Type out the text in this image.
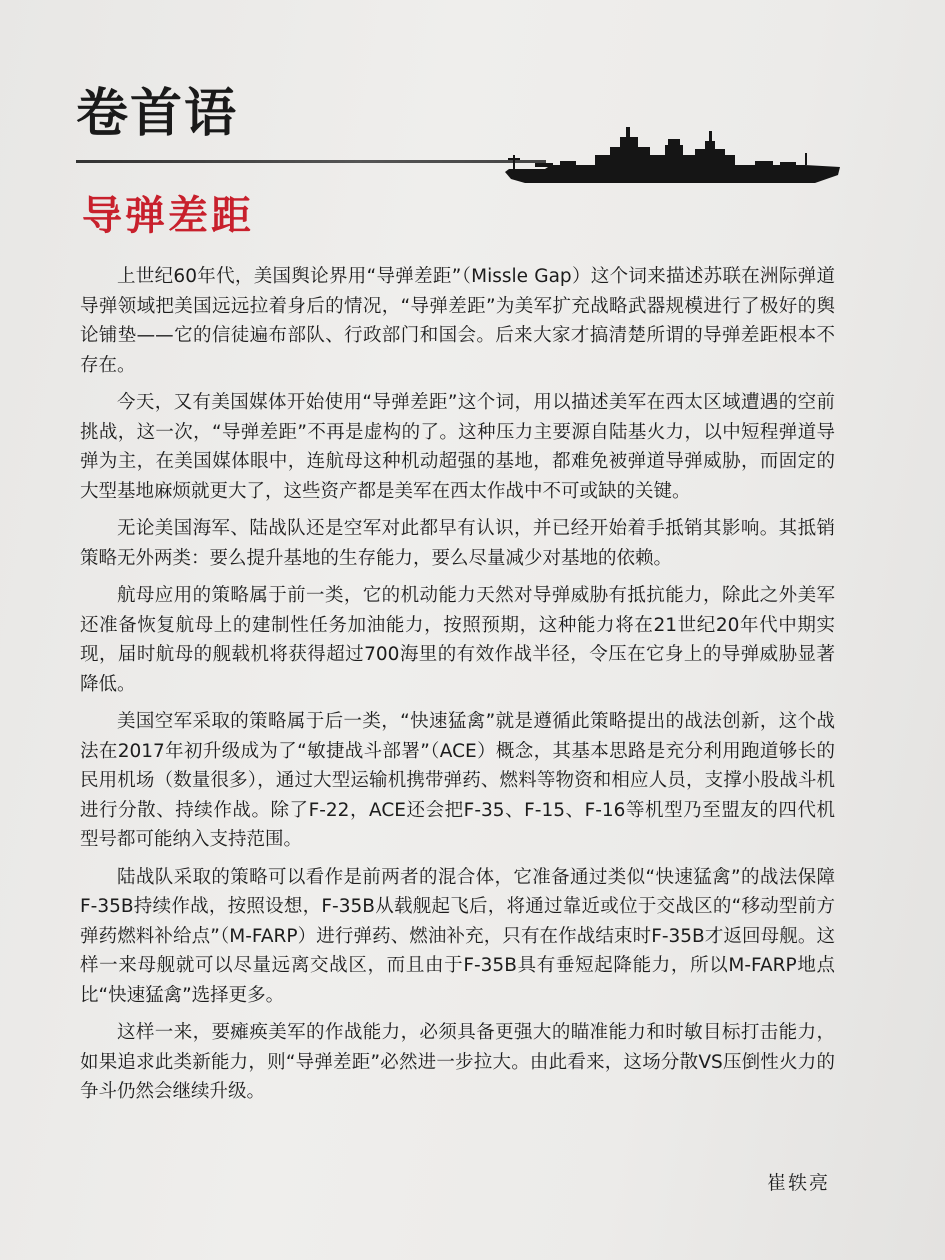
卷首语
导弹差距

上世纪60年代，美国舆论界用“导弹差距”（Missle Gap）这个词来描述苏联在洲际弹道导弹领域把美国远远拉着身后的情况，“导弹差距”为美军扩充战略武器规模进行了极好的舆论铺垫——它的信徒遍布部队、行政部门和国会。后来大家才搞清楚所谓的导弹差距根本不存在。

今天，又有美国媒体开始使用“导弹差距”这个词，用以描述美军在西太区域遭遇的空前挑战，这一次，“导弹差距”不再是虚构的了。这种压力主要源自陆基火力，以中短程弹道导弹为主，在美国媒体眼中，连航母这种机动超强的基地，都难免被弹道导弹威胁，而固定的大型基地麻烦就更大了，这些资产都是美军在西太作战中不可或缺的关键。

无论美国海军、陆战队还是空军对此都早有认识，并已经开始着手抵销其影响。其抵销策略无外两类：要么提升基地的生存能力，要么尽量减少对基地的依赖。

航母应用的策略属于前一类，它的机动能力天然对导弹威胁有抵抗能力，除此之外美军还准备恢复航母上的建制性任务加油能力，按照预期，这种能力将在21世纪20年代中期实现，届时航母的舰载机将获得超过700海里的有效作战半径，令压在它身上的导弹威胁显著降低。

美国空军采取的策略属于后一类，“快速猛禽”就是遵循此策略提出的战法创新，这个战法在2017年初升级成为了“敏捷战斗部署”（ACE）概念，其基本思路是充分利用跑道够长的民用机场（数量很多），通过大型运输机携带弹药、燃料等物资和相应人员，支撑小股战斗机进行分散、持续作战。除了F-22，ACE还会把F-35、F-15、F-16等机型乃至盟友的四代机型号都可能纳入支持范围。

陆战队采取的策略可以看作是前两者的混合体，它准备通过类似“快速猛禽”的战法保障F-35B持续作战，按照设想，F-35B从载舰起飞后，将通过靠近或位于交战区的“移动型前方弹药燃料补给点”（M-FARP）进行弹药、燃油补充，只有在作战结束时F-35B才返回母舰。这样一来母舰就可以尽量远离交战区，而且由于F-35B具有垂短起降能力，所以M-FARP地点比“快速猛禽”选择更多。

这样一来，要瘫痪美军的作战能力，必须具备更强大的瞄准能力和时敏目标打击能力，如果追求此类新能力，则“导弹差距”必然进一步拉大。由此看来，这场分散VS压倒性火力的争斗仍然会继续升级。

崔轶亮
